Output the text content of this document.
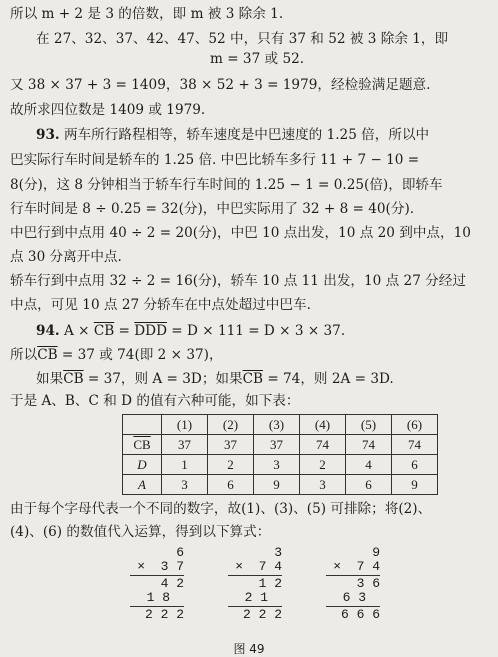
所以 m + 2 是 3 的倍数，即 m 被 3 除余 1.
在 27、32、37、42、47、52 中，只有 37 和 52 被 3 除余 1，即
m = 37 或 52.
又 38 × 37 + 3 = 1409，38 × 52 + 3 = 1979，经检验满足题意.
故所求四位数是 1409 或 1979.
93. 两车所行路程相等，轿车速度是中巴速度的 1.25 倍，所以中
巴实际行车时间是轿车的 1.25 倍. 中巴比轿车多行 11 + 7 − 10 =
8(分)，这 8 分钟相当于轿车行车时间的 1.25 − 1 = 0.25(倍)，即轿车
行车时间是 8 ÷ 0.25 = 32(分)，中巴实际用了 32 + 8 = 40(分).
中巴行到中点用 40 ÷ 2 = 20(分)，中巴 10 点出发，10 点 20 到中点，10
点 30 分离开中点.
轿车行到中点用 32 ÷ 2 = 16(分)，轿车 10 点 11 出发，10 点 27 分经过
中点，可见 10 点 27 分轿车在中点处超过中巴车.
94. $A \times \overline{CB} = \overline{DDD} = D \times 111 = D \times 3 \times 37$.
所以$\overline{CB} = 37$ 或 74(即 2 × 37)，
如果$\overline{CB} = 37$，则 A = 3D；如果$\overline{CB} = 74$，则 2A = 3D.
于是 A、B、C 和 D 的值有六种可能，如下表：
	(1)	(2)	(3)	(4)	(5)	(6)
$\overline{CB}$	37	37	37	74	74	74
D	1	2	3	2	4	6
A	3	6	9	3	6	9
由于每个字母代表一个不同的数字，故(1)、(3)、(5) 可排除；将(2)、
(4)、(6) 的数值代入运算，得到以下算式：
6
×  3 7
4 2
1 8
2 2 2
3
×  7 4
1 2
2 1
2 2 2
9
×  7 4
3 6
6 3
6 6 6
图 49
